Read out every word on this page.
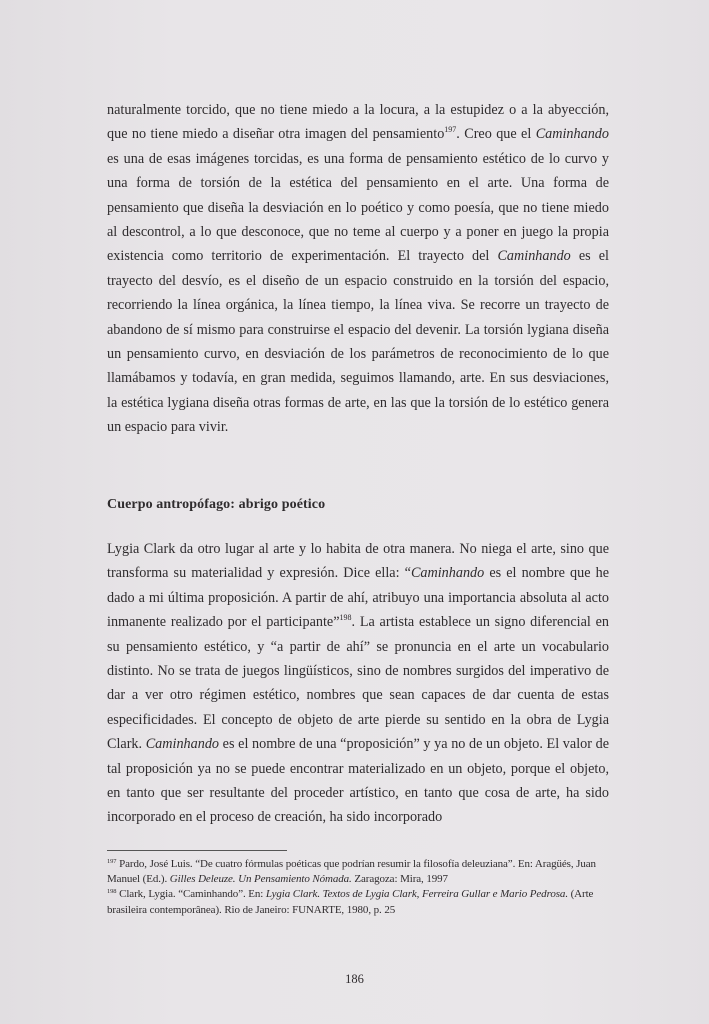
naturalmente torcido, que no tiene miedo a la locura, a la estupidez o a la abyección, que no tiene miedo a diseñar otra imagen del pensamiento$^{197}$. Creo que el Caminhando es una de esas imágenes torcidas, es una forma de pensamiento estético de lo curvo y una forma de torsión de la estética del pensamiento en el arte. Una forma de pensamiento que diseña la desviación en lo poético y como poesía, que no tiene miedo al descontrol, a lo que desconoce, que no teme al cuerpo y a poner en juego la propia existencia como territorio de experimentación. El trayecto del Caminhando es el trayecto del desvío, es el diseño de un espacio construido en la torsión del espacio, recorriendo la línea orgánica, la línea tiempo, la línea viva. Se recorre un trayecto de abandono de sí mismo para construirse el espacio del devenir. La torsión lygiana diseña un pensamiento curvo, en desviación de los parámetros de reconocimiento de lo que llamábamos y todavía, en gran medida, seguimos llamando, arte. En sus desviaciones, la estética lygiana diseña otras formas de arte, en las que la torsión de lo estético genera un espacio para vivir.

Cuerpo antropófago: abrigo poético

Lygia Clark da otro lugar al arte y lo habita de otra manera. No niega el arte, sino que transforma su materialidad y expresión. Dice ella: “Caminhando es el nombre que he dado a mi última proposición. A partir de ahí, atribuyo una importancia absoluta al acto inmanente realizado por el participante”$^{198}$. La artista establece un signo diferencial en su pensamiento estético, y “a partir de ahí” se pronuncia en el arte un vocabulario distinto. No se trata de juegos lingüísticos, sino de nombres surgidos del imperativo de dar a ver otro régimen estético, nombres que sean capaces de dar cuenta de estas especificidades. El concepto de objeto de arte pierde su sentido en la obra de Lygia Clark. Caminhando es el nombre de una “proposición” y ya no de un objeto. El valor de tal proposición ya no se puede encontrar materializado en un objeto, porque el objeto, en tanto que ser resultante del proceder artístico, en tanto que cosa de arte, ha sido incorporado en el proceso de creación, ha sido incorporado

$^{197}$ Pardo, José Luis. “De cuatro fórmulas poéticas que podrían resumir la filosofía deleuziana”. En: Aragüés, Juan Manuel (Ed.). Gilles Deleuze. Un Pensamiento Nómada. Zaragoza: Mira, 1997
$^{198}$ Clark, Lygia. “Caminhando”. En: Lygia Clark. Textos de Lygia Clark, Ferreira Gullar e Mario Pedrosa. (Arte brasileira contemporânea). Rio de Janeiro: FUNARTE, 1980, p. 25
186
